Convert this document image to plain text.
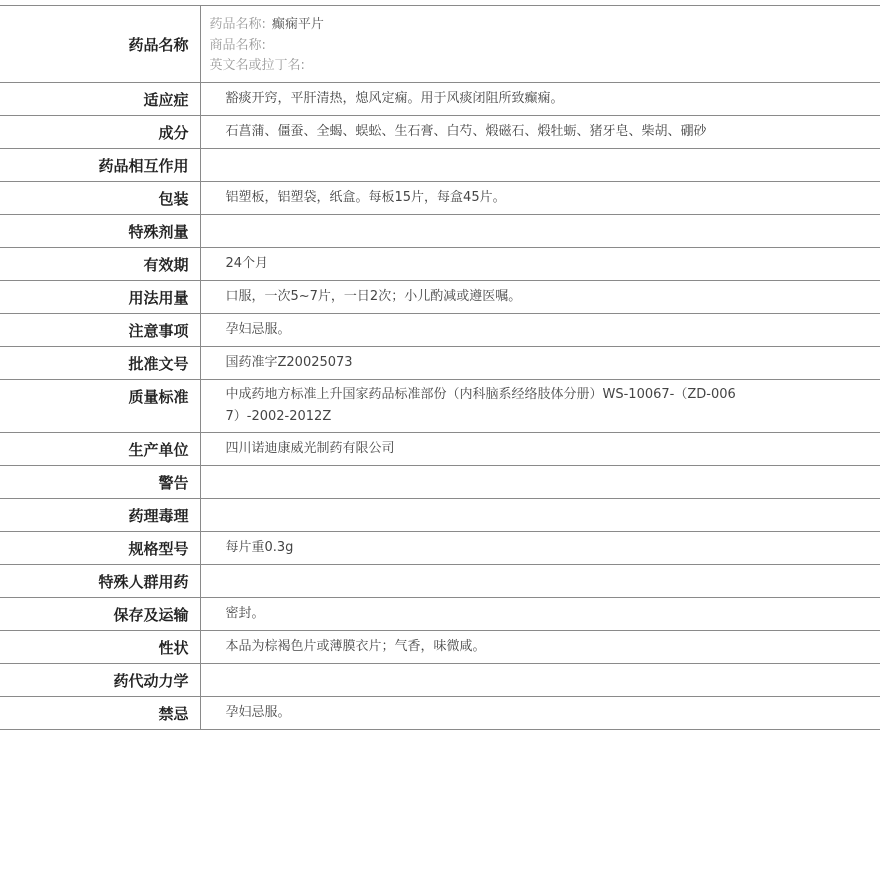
药品名称	药品名称: 癫痫平片
商品名称:
英文名或拉丁名:

适应症	豁痰开窍，平肝清热，熄风定痫。用于风痰闭阻所致癫痫。
成分	石菖蒲、僵蚕、全蝎、蜈蚣、生石膏、白芍、煅磁石、煅牡蛎、猪牙皂、柴胡、硼砂
药品相互作用	
包装	铝塑板，铝塑袋，纸盒。每板15片，每盒45片。
特殊剂量	
有效期	24个月
用法用量	口服，一次5~7片，一日2次；小儿酌减或遵医嘱。
注意事项	孕妇忌服。
批准文号	国药准字Z20025073
质量标准	中成药地方标准上升国家药品标准部份（内科脑系经络肢体分册）WS-10067-（ZD-0067）-2002-2012Z
生产单位	四川诺迪康威光制药有限公司
警告	
药理毒理	
规格型号	每片重0.3g
特殊人群用药	
保存及运输	密封。
性状	本品为棕褐色片或薄膜衣片；气香，味微咸。
药代动力学	
禁忌	孕妇忌服。
